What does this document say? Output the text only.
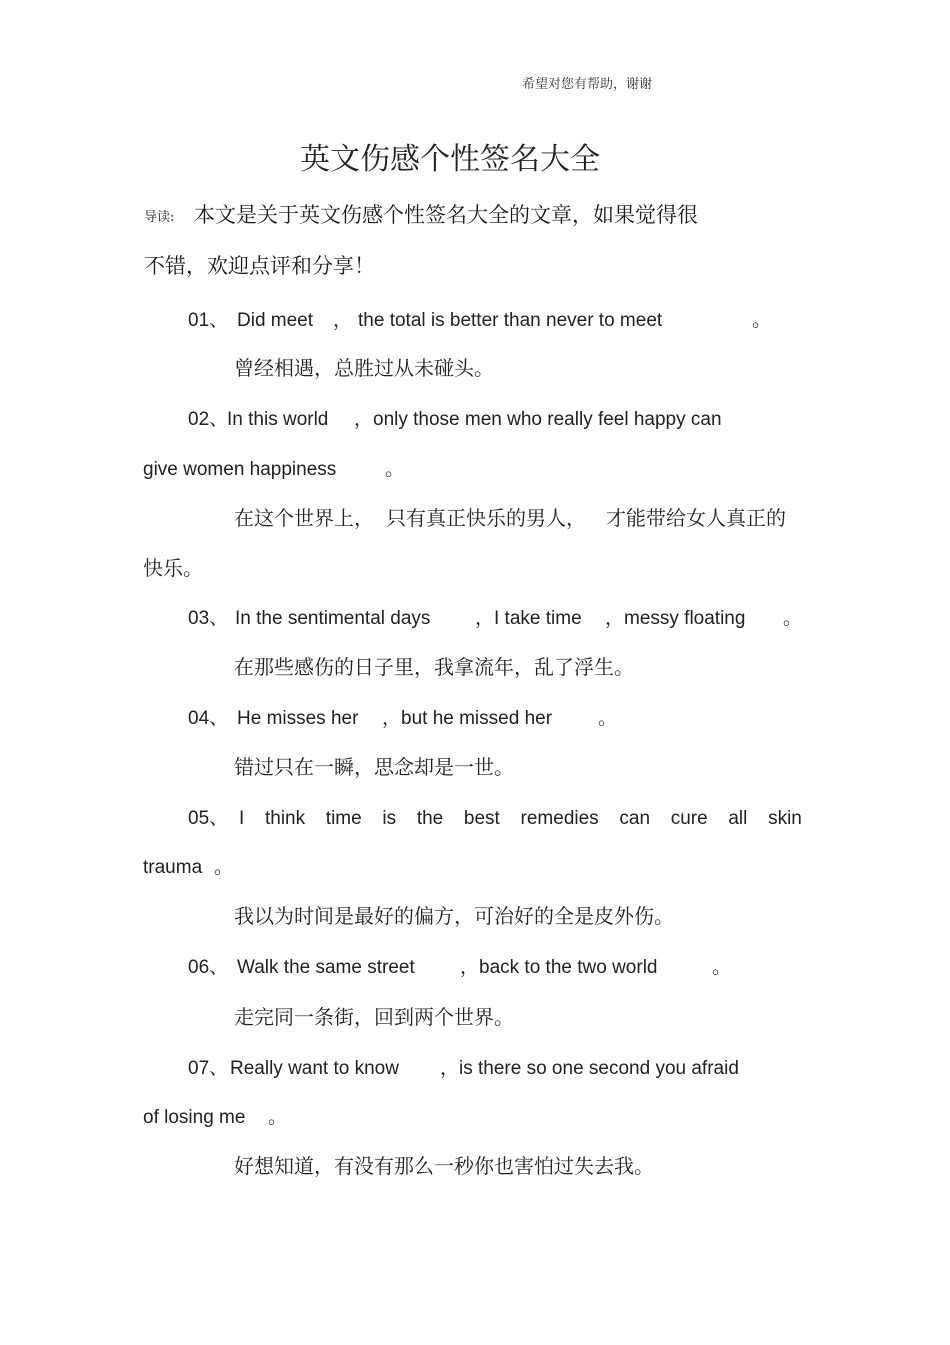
希望对您有帮助，谢谢
英文伤感个性签名大全
导读: 本文是关于英文伤感个性签名大全的文章，如果觉得很
不错，欢迎点评和分享！
01、 Did meet ， the total is better than never to meet	。
曾经相遇，总胜过从未碰头。
02、
In this world ，only those men who really feel happy can
give women happiness	。
在这个世界上， 只有真正快乐的男人， 才能带给女人真正的
快乐。
03、 In the sentimental days ，I take time ，messy floating 。
在那些感伤的日子里，我拿流年，乱了浮生。
04、 He misses her ，but he missed her 。
错过只在一瞬，思念却是一世。
05、 I think time is the best remedies can cure all skin
trauma 。
我以为时间是最好的偏方，可治好的全是皮外伤。
06、 Walk the same street ，back to the two world	。
走完同一条街，回到两个世界。
07、 Really want to know ，is there so one second you afraid
of losing me 。
好想知道，有没有那么一秒你也害怕过失去我。
